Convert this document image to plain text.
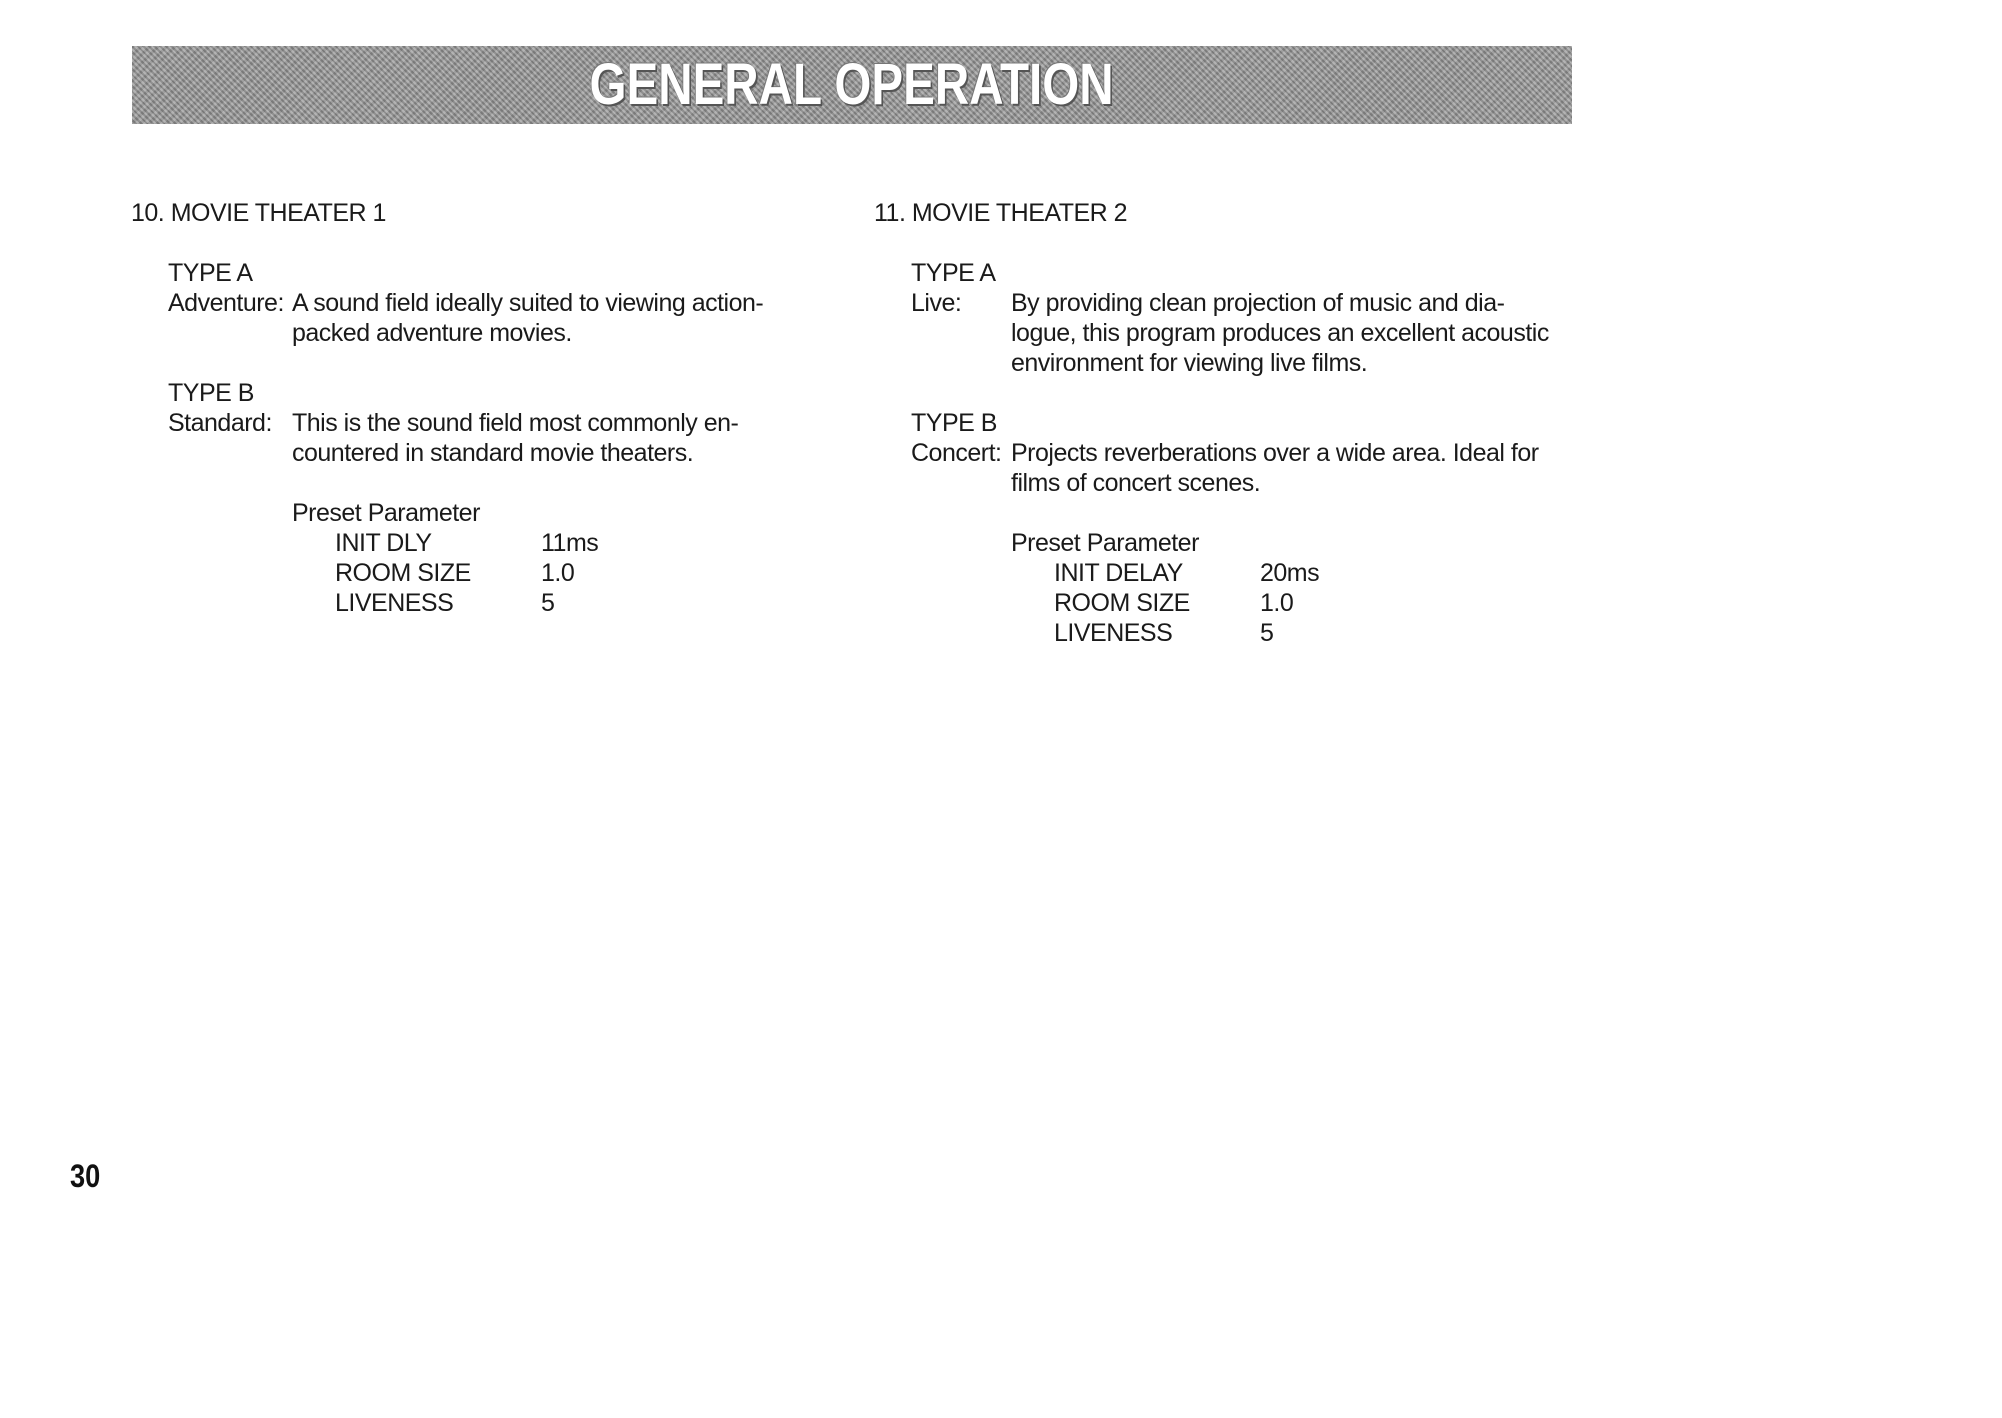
GENERAL OPERATION
10. MOVIE THEATER 1
TYPE A
Adventure: A sound field ideally suited to viewing action-
packed adventure movies.
TYPE B
Standard: This is the sound field most commonly en-
countered in standard movie theaters.
Preset Parameter
INIT DLY	11ms
ROOM SIZE	1.0
LIVENESS	5
11. MOVIE THEATER 2
TYPE A
Live:	By providing clean projection of music and dia-
logue, this program produces an excellent acoustic
environment for viewing live films.
TYPE B
Concert: Projects reverberations over a wide area. Ideal for
films of concert scenes.
Preset Parameter
INIT DELAY	20ms
ROOM SIZE	1.0
LIVENESS	5
30
